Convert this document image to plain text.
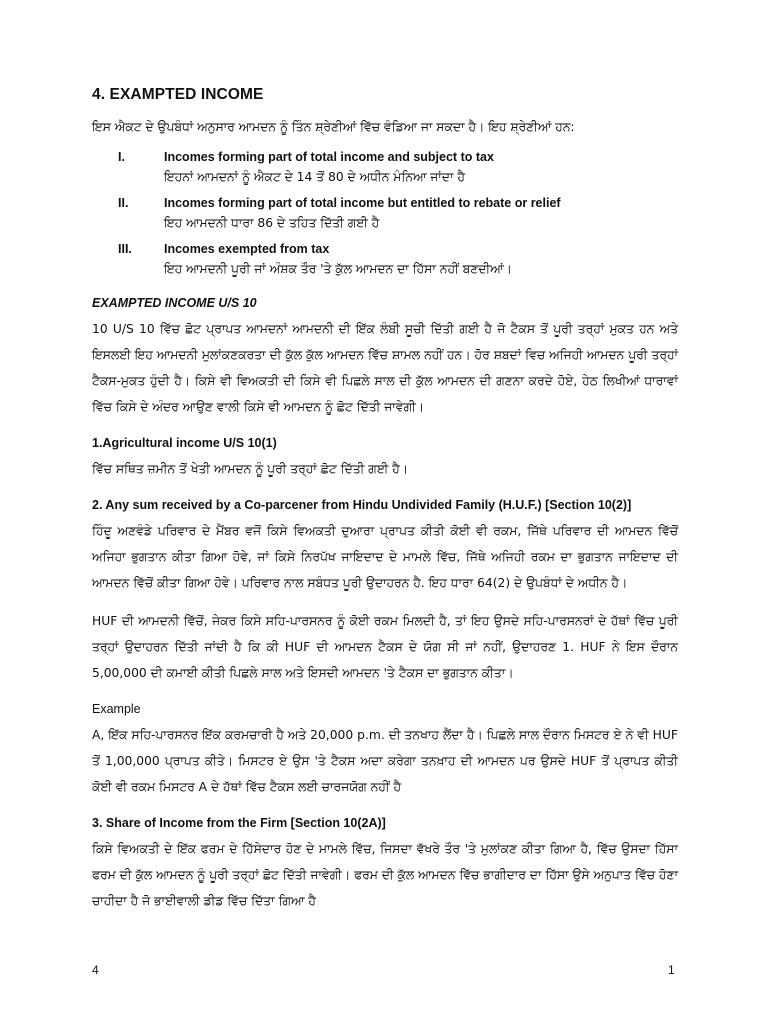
4. EXAMPTED INCOME

ਇਸ ਐਕਟ ਦੇ ਉਪਬੰਧਾਂ ਅਨੁਸਾਰ ਆਮਦਨ ਨੂੰ ਤਿੰਨ ਸ਼੍ਰੇਣੀਆਂ ਵਿੱਚ ਵੰਡਿਆ ਜਾ ਸਕਦਾ ਹੈ। ਇਹ ਸ਼੍ਰੇਣੀਆਂ ਹਨ:

I.	Incomes forming part of total income and subject to tax
ਇਹਨਾਂ ਆਮਦਨਾਂ ਨੂੰ ਐਕਟ ਦੇ 14 ਤੋਂ 80 ਦੇ ਅਧੀਨ ਮੰਨਿਆ ਜਾਂਦਾ ਹੈ
II.	Incomes forming part of total income but entitled to rebate or relief
ਇਹ ਆਮਦਨੀ ਧਾਰਾ 86 ਦੇ ਤਹਿਤ ਦਿੱਤੀ ਗਈ ਹੈ
III.	Incomes exempted from tax
ਇਹ ਆਮਦਨੀ ਪੂਰੀ ਜਾਂ ਅੰਸ਼ਕ ਤੌਰ 'ਤੇ ਕੁੱਲ ਆਮਦਨ ਦਾ ਹਿੱਸਾ ਨਹੀਂ ਬਣਦੀਆਂ।
EXAMPTED INCOME U/S 10

10 U/S 10 ਵਿੱਚ ਛੋਟ ਪ੍ਰਾਪਤ ਆਮਦਨਾਂ ਆਮਦਨੀ ਦੀ ਇੱਕ ਲੰਬੀ ਸੂਚੀ ਦਿੱਤੀ ਗਈ ਹੈ ਜੋ ਟੈਕਸ ਤੋਂ ਪੂਰੀ ਤਰ੍ਹਾਂ ਮੁਕਤ ਹਨ ਅਤੇ ਇਸਲਈ ਇਹ ਆਮਦਨੀ ਮੁਲਾਂਕਣਕਰਤਾ ਦੀ ਕੁੱਲ ਕੁੱਲ ਆਮਦਨ ਵਿੱਚ ਸ਼ਾਮਲ ਨਹੀਂ ਹਨ। ਹੋਰ ਸ਼ਬਦਾਂ ਵਿਚ ਅਜਿਹੀ ਆਮਦਨ ਪੂਰੀ ਤਰ੍ਹਾਂ ਟੈਕਸ-ਮੁਕਤ ਹੁੰਦੀ ਹੈ। ਕਿਸੇ ਵੀ ਵਿਅਕਤੀ ਦੀ ਕਿਸੇ ਵੀ ਪਿਛਲੇ ਸਾਲ ਦੀ ਕੁੱਲ ਆਮਦਨ ਦੀ ਗਣਨਾ ਕਰਦੇ ਹੋਏ, ਹੇਠ ਲਿਖੀਆਂ ਧਾਰਾਵਾਂ ਵਿੱਚ ਕਿਸੇ ਦੇ ਅੰਦਰ ਆਉਣ ਵਾਲੀ ਕਿਸੇ ਵੀ ਆਮਦਨ ਨੂੰ ਛੋਟ ਦਿੱਤੀ ਜਾਵੇਗੀ।

1.Agricultural income U/S 10(1)

ਵਿੱਚ ਸਥਿਤ ਜ਼ਮੀਨ ਤੋਂ ਖੇਤੀ ਆਮਦਨ ਨੂੰ ਪੂਰੀ ਤਰ੍ਹਾਂ ਛੋਟ ਦਿੱਤੀ ਗਈ ਹੈ।

2. Any sum received by a Co-parcener from Hindu Undivided Family (H.U.F.) [Section 10(2)]

ਹਿੰਦੂ ਅਣਵੰਡੇ ਪਰਿਵਾਰ ਦੇ ਮੈਂਬਰ ਵਜੋਂ ਕਿਸੇ ਵਿਅਕਤੀ ਦੁਆਰਾ ਪ੍ਰਾਪਤ ਕੀਤੀ ਕੋਈ ਵੀ ਰਕਮ, ਜਿੱਥੇ ਪਰਿਵਾਰ ਦੀ ਆਮਦਨ ਵਿੱਚੋਂ ਅਜਿਹਾ ਭੁਗਤਾਨ ਕੀਤਾ ਗਿਆ ਹੋਵੇ, ਜਾਂ ਕਿਸੇ ਨਿਰਪੱਖ ਜਾਇਦਾਦ ਦੇ ਮਾਮਲੇ ਵਿੱਚ, ਜਿੱਥੇ ਅਜਿਹੀ ਰਕਮ ਦਾ ਭੁਗਤਾਨ ਜਾਇਦਾਦ ਦੀ ਆਮਦਨ ਵਿੱਚੋਂ ਕੀਤਾ ਗਿਆ ਹੋਵੇ। ਪਰਿਵਾਰ ਨਾਲ ਸਬੰਧਤ ਪੂਰੀ ਉਦਾਹਰਨ ਹੈ. ਇਹ ਧਾਰਾ 64(2) ਦੇ ਉਪਬੰਧਾਂ ਦੇ ਅਧੀਨ ਹੈ।

HUF ਦੀ ਆਮਦਨੀ ਵਿੱਚੋਂ, ਜੇਕਰ ਕਿਸੇ ਸਹਿ-ਪਾਰਸਨਰ ਨੂੰ ਕੋਈ ਰਕਮ ਮਿਲਦੀ ਹੈ, ਤਾਂ ਇਹ ਉਸਦੇ ਸਹਿ-ਪਾਰਸਨਰਾਂ ਦੇ ਹੱਥਾਂ ਵਿੱਚ ਪੂਰੀ ਤਰ੍ਹਾਂ ਉਦਾਹਰਨ ਦਿੱਤੀ ਜਾਂਦੀ ਹੈ ਕਿ ਕੀ HUF ਦੀ ਆਮਦਨ ਟੈਕਸ ਦੇ ਯੋਗ ਸੀ ਜਾਂ ਨਹੀਂ, ਉਦਾਹਰਣ 1. HUF ਨੇ ਇਸ ਦੌਰਾਨ 5,00,000 ਦੀ ਕਮਾਈ ਕੀਤੀ ਪਿਛਲੇ ਸਾਲ ਅਤੇ ਇਸਦੀ ਆਮਦਨ 'ਤੇ ਟੈਕਸ ਦਾ ਭੁਗਤਾਨ ਕੀਤਾ।

Example

A, ਇੱਕ ਸਹਿ-ਪਾਰਸਨਰ ਇੱਕ ਕਰਮਚਾਰੀ ਹੈ ਅਤੇ 20,000 p.m. ਦੀ ਤਨਖਾਹ ਲੈਂਦਾ ਹੈ। ਪਿਛਲੇ ਸਾਲ ਦੌਰਾਨ ਮਿਸਟਰ ਏ ਨੇ ਵੀ HUF ਤੋਂ 1,00,000 ਪ੍ਰਾਪਤ ਕੀਤੇ। ਮਿਸਟਰ ਏ ਉਸ 'ਤੇ ਟੈਕਸ ਅਦਾ ਕਰੇਗਾ ਤਨਖ਼ਾਹ ਦੀ ਆਮਦਨ ਪਰ ਉਸਦੇ HUF ਤੋਂ ਪ੍ਰਾਪਤ ਕੀਤੀ ਕੋਈ ਵੀ ਰਕਮ ਮਿਸਟਰ A ਦੇ ਹੱਥਾਂ ਵਿੱਚ ਟੈਕਸ ਲਈ ਚਾਰਜਯੋਗ ਨਹੀਂ ਹੈ

3. Share of Income from the Firm [Section 10(2A)]

ਕਿਸੇ ਵਿਅਕਤੀ ਦੇ ਇੱਕ ਫਰਮ ਦੇ ਹਿੱਸੇਦਾਰ ਹੋਣ ਦੇ ਮਾਮਲੇ ਵਿੱਚ, ਜਿਸਦਾ ਵੱਖਰੇ ਤੌਰ 'ਤੇ ਮੁਲਾਂਕਣ ਕੀਤਾ ਗਿਆ ਹੈ, ਵਿੱਚ ਉਸਦਾ ਹਿੱਸਾ ਫਰਮ ਦੀ ਕੁੱਲ ਆਮਦਨ ਨੂੰ ਪੂਰੀ ਤਰ੍ਹਾਂ ਛੋਟ ਦਿੱਤੀ ਜਾਵੇਗੀ। ਫਰਮ ਦੀ ਕੁੱਲ ਆਮਦਨ ਵਿੱਚ ਭਾਗੀਦਾਰ ਦਾ ਹਿੱਸਾ ਉਸੇ ਅਨੁਪਾਤ ਵਿੱਚ ਹੋਣਾ ਚਾਹੀਦਾ ਹੈ ਜੋ ਭਾਈਵਾਲੀ ਡੀਡ ਵਿੱਚ ਦਿੱਤਾ ਗਿਆ ਹੈ

4	1
